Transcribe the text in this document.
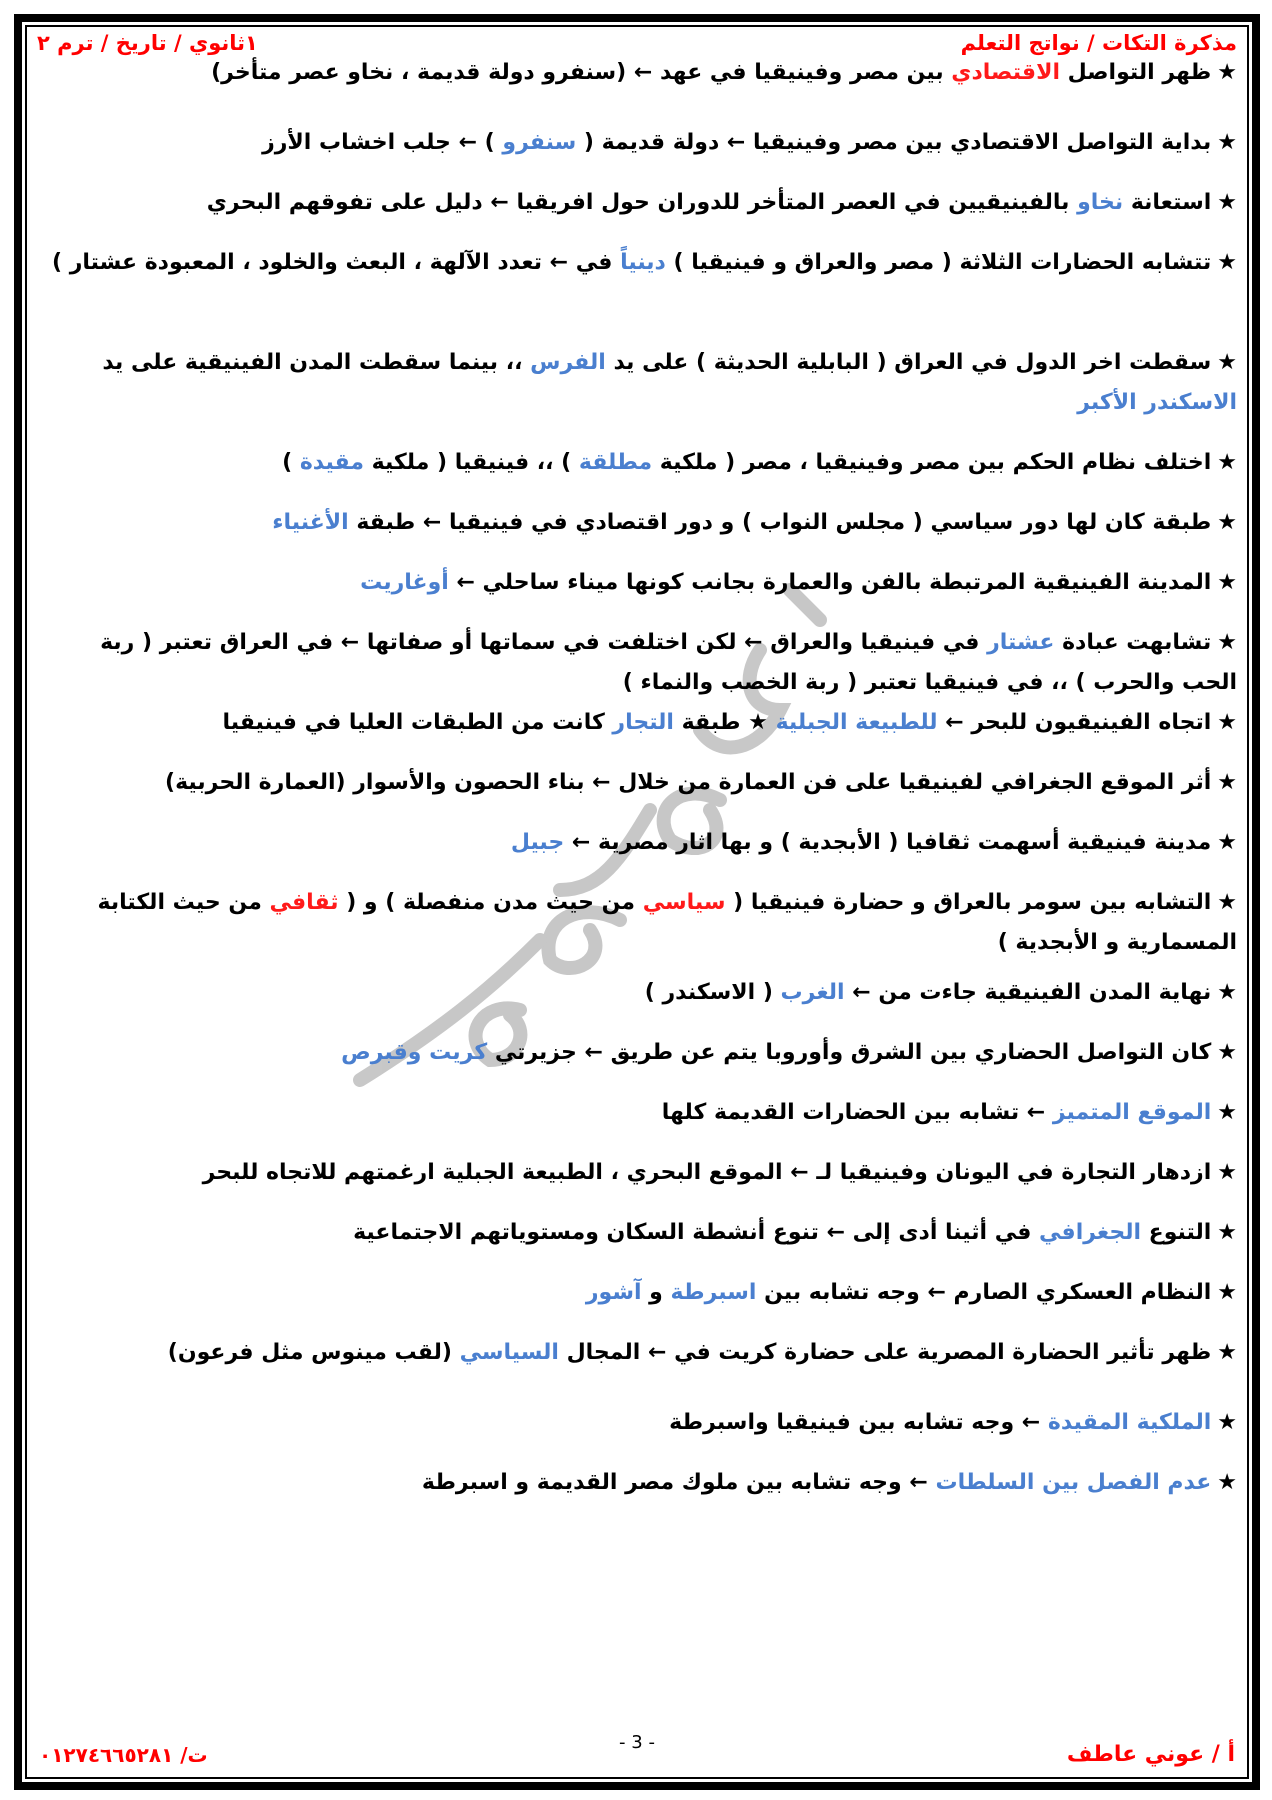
مذكرة التكات / نواتج التعلم
١ثانوي / تاريخ / ترم ٢
★ظهر التواصل الاقتصادي بين مصر وفينيقيا في عهد ← (سنفرو دولة قديمة ، نخاو عصر متأخر)
★بداية التواصل الاقتصادي بين مصر وفينيقيا ← دولة قديمة ( سنفرو ) ← جلب اخشاب الأرز
★استعانة نخاو بالفينيقيين في العصر المتأخر للدوران حول افريقيا ← دليل على تفوقهم البحري
★تتشابه الحضارات الثلاثة ( مصر والعراق و فينيقيا ) دينياً في ← تعدد الآلهة ، البعث والخلود ، المعبودة عشتار )
★سقطت اخر الدول في العراق ( البابلية الحديثة ) على يد الفرس ،، بينما سقطت المدن الفينيقية على يد الاسكندر الأكبر
★اختلف نظام الحكم بين مصر وفينيقيا ، مصر ( ملكية مطلقة ) ،، فينيقيا ( ملكية مقيدة )
★طبقة كان لها دور سياسي ( مجلس النواب ) و دور اقتصادي في فينيقيا ← طبقة الأغنياء
★المدينة الفينيقية المرتبطة بالفن والعمارة بجانب كونها ميناء ساحلي ← أوغاريت
★تشابهت عبادة عشتار في فينيقيا والعراق ← لكن اختلفت في سماتها أو صفاتها ← في العراق تعتبر ( ربة الحب والحرب ) ،، في فينيقيا تعتبر ( ربة الخصب والنماء )
★اتجاه الفينيقيون للبحر ← للطبيعة الجبلية ★ طبقة التجار كانت من الطبقات العليا في فينيقيا
★أثر الموقع الجغرافي لفينيقيا على فن العمارة من خلال ← بناء الحصون والأسوار (العمارة الحربية)
★مدينة فينيقية أسهمت ثقافيا ( الأبجدية ) و بها اثار مصرية ← جبيل
★التشابه بين سومر بالعراق و حضارة فينيقيا ( سياسي من حيث مدن منفصلة ) و ( ثقافي من حيث الكتابة المسمارية و الأبجدية )
★نهاية المدن الفينيقية جاءت من ← الغرب ( الاسكندر )
★كان التواصل الحضاري بين الشرق وأوروبا يتم عن طريق ← جزيرتي كريت وقبرص
★الموقع المتميز ← تشابه بين الحضارات القديمة كلها
★ازدهار التجارة في اليونان وفينيقيا لـ ← الموقع البحري ، الطبيعة الجبلية ارغمتهم للاتجاه للبحر
★التنوع الجغرافي في أثينا أدى إلى ← تنوع أنشطة السكان ومستوياتهم الاجتماعية
★النظام العسكري الصارم ← وجه تشابه بين اسبرطة و آشور
★ظهر تأثير الحضارة المصرية على حضارة كريت في ← المجال السياسي (لقب مينوس مثل فرعون)
★الملكية المقيدة ← وجه تشابه بين فينيقيا واسبرطة
★عدم الفصل بين السلطات ← وجه تشابه بين ملوك مصر القديمة و اسبرطة
أ / عوني عاطف
- 3 -
ت/ ٠١٢٧٤٦٦٥٢٨١
